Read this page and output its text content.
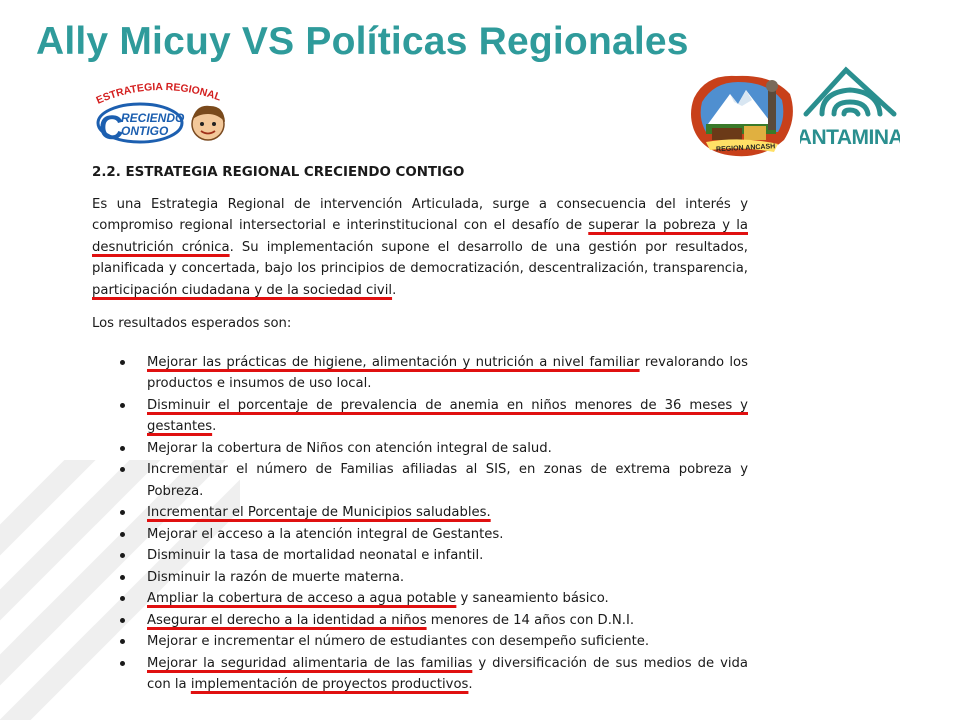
Ally Micuy VS Políticas Regionales
ESTRATEGIA REGIONAL
C
RECIENDO
ONTIGO
REGION ANCASH ANTAMINA
2.2. ESTRATEGIA REGIONAL CRECIENDO CONTIGO

Es una Estrategia Regional de intervención Articulada, surge a consecuencia del interés y compromiso regional intersectorial e interinstitucional con el desafío de superar la pobreza y la desnutrición crónica. Su implementación supone el desarrollo de una gestión por resultados, planificada y concertada, bajo los principios de democratización, descentralización, transparencia, participación ciudadana y de la sociedad civil.

Los resultados esperados son:

Mejorar las prácticas de higiene, alimentación y nutrición a nivel familiar revalorando los productos e insumos de uso local.
Disminuir el porcentaje de prevalencia de anemia en niños menores de 36 meses y gestantes.
Mejorar la cobertura de Niños con atención integral de salud.
Incrementar el número de Familias afiliadas al SIS, en zonas de extrema pobreza y Pobreza.
Incrementar el Porcentaje de Municipios saludables.
Mejorar el acceso a la atención integral de Gestantes.
Disminuir la tasa de mortalidad neonatal e infantil.
Disminuir la razón de muerte materna.
Ampliar la cobertura de acceso a agua potable y saneamiento básico.
Asegurar el derecho a la identidad a niños menores de 14 años con D.N.I.
Mejorar e incrementar el número de estudiantes con desempeño suficiente.
Mejorar la seguridad alimentaria de las familias y diversificación de sus medios de vida con la implementación de proyectos productivos.
